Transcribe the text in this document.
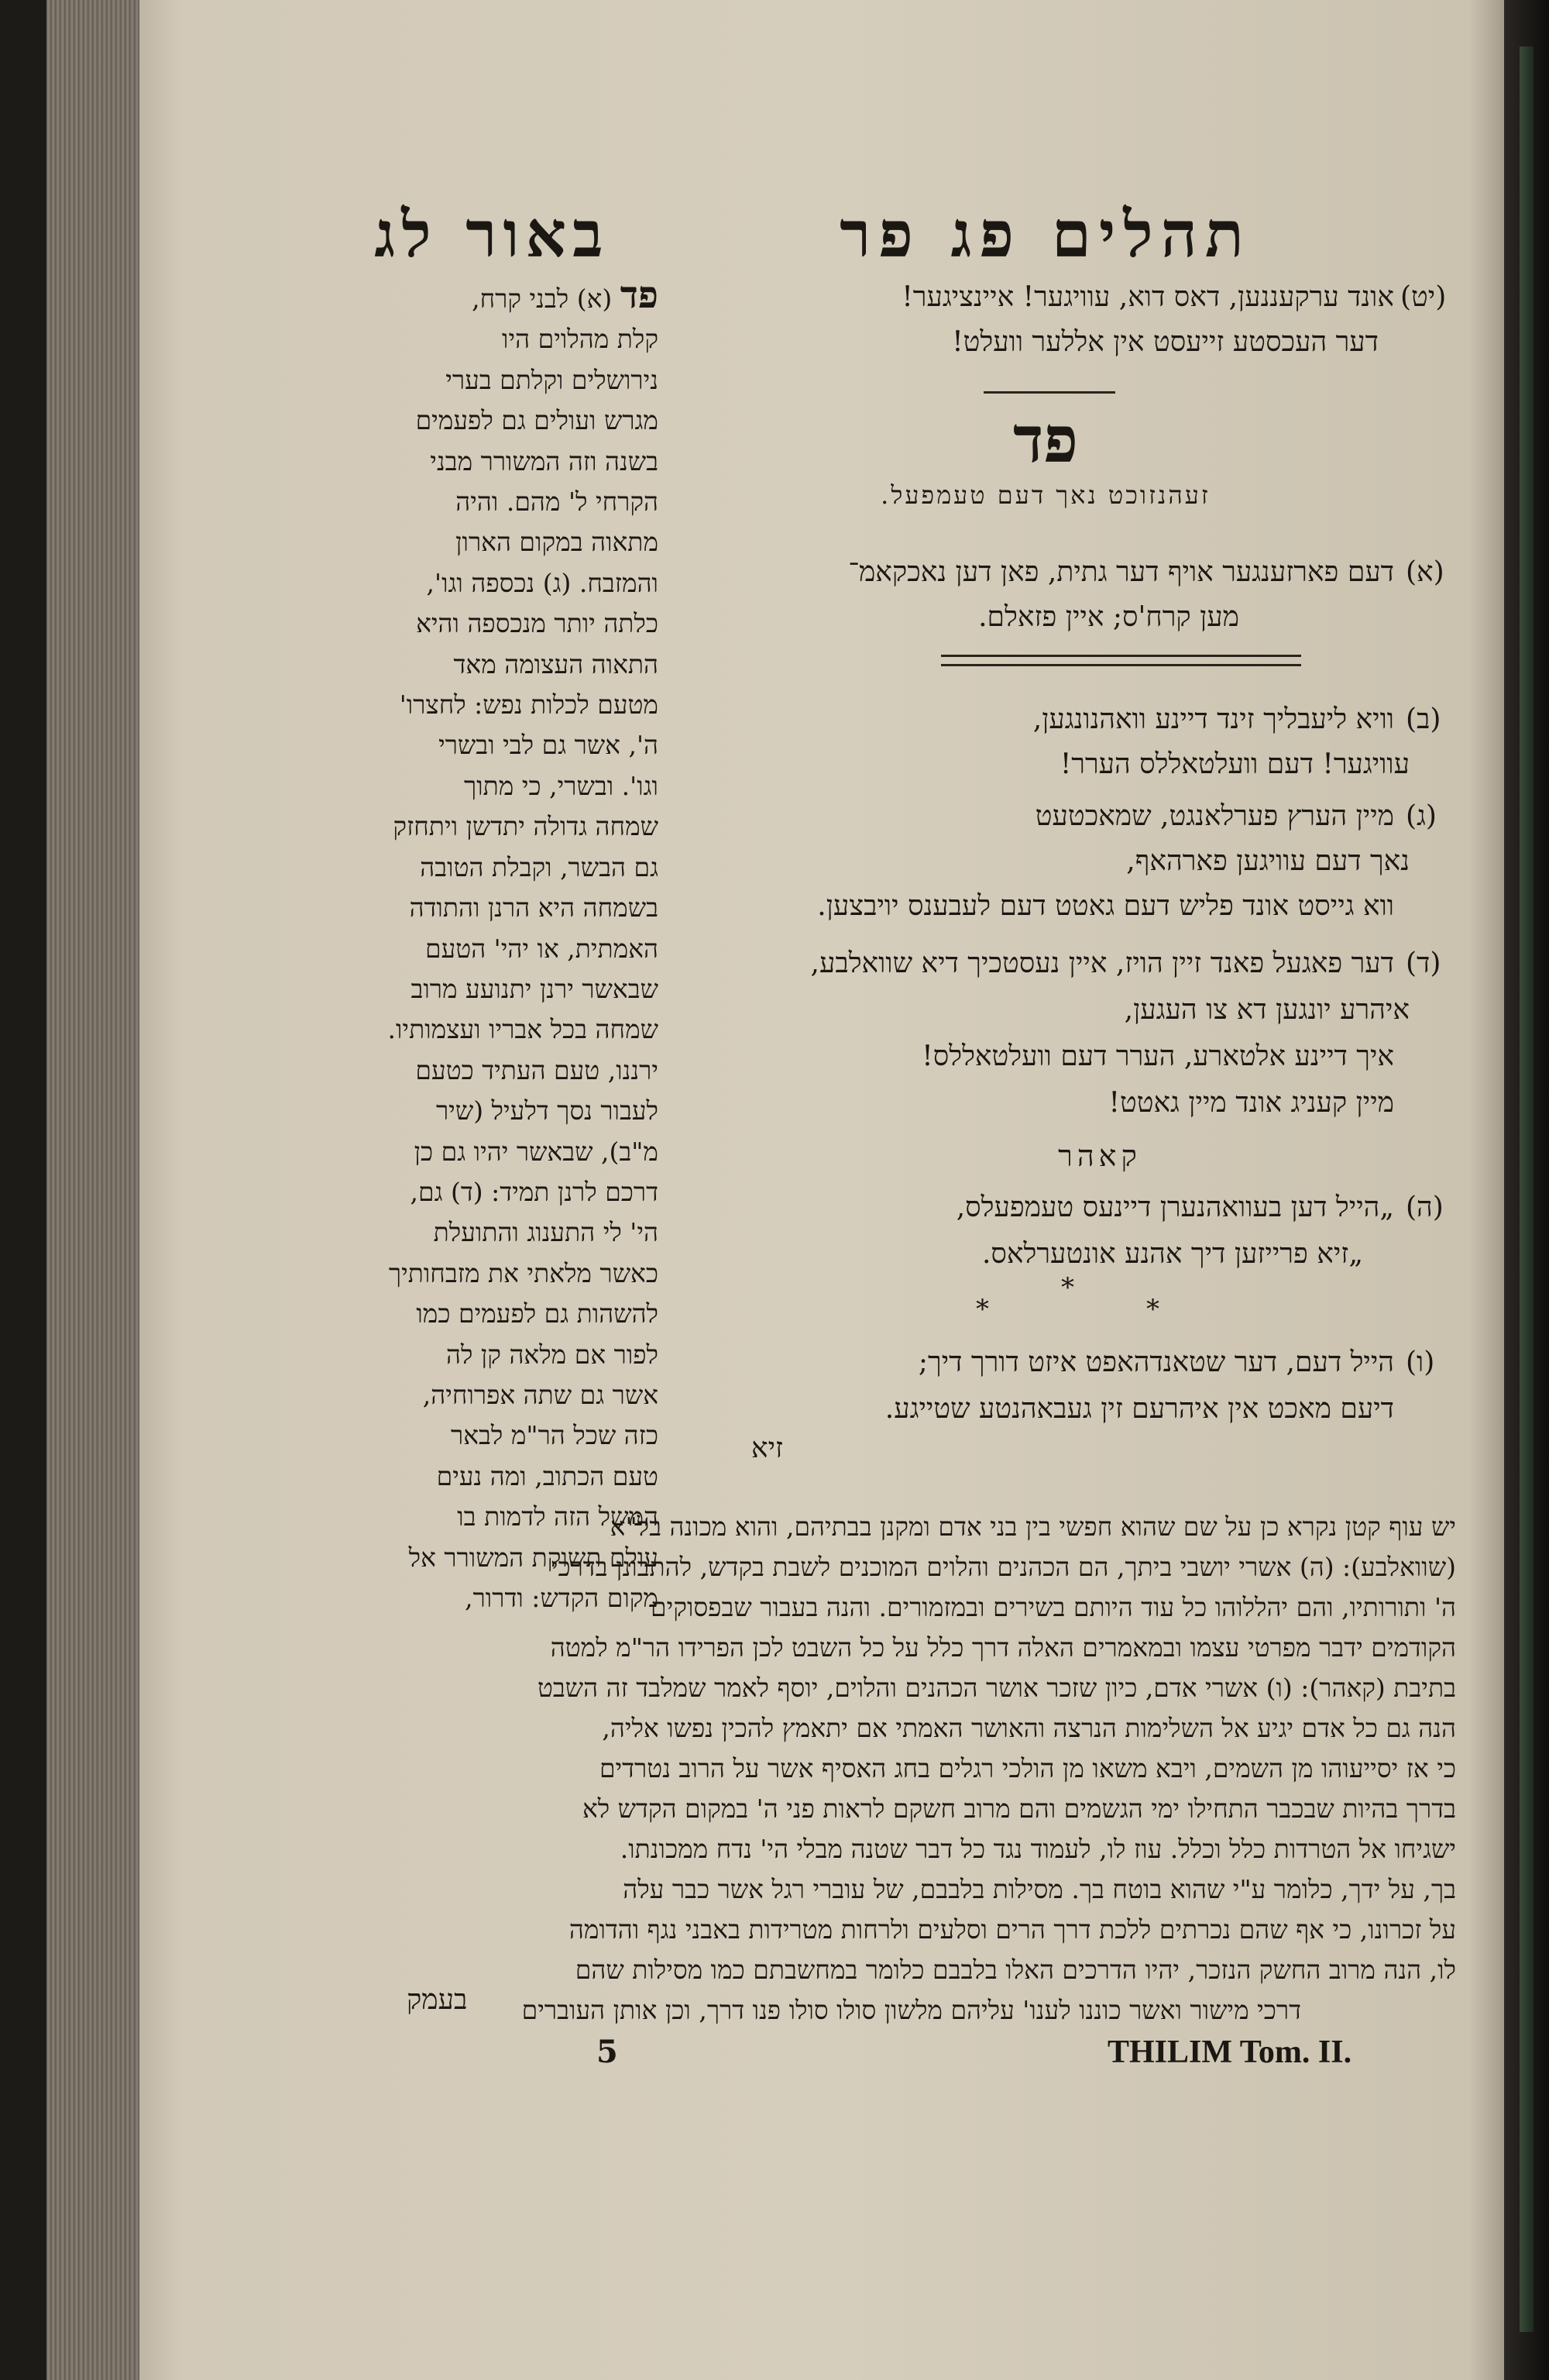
תהלים פג פר
באור לג
(יט)
אונד ערקעננען, דאס דוא, עוויגער! איינציגער!
דער העכסטע זייעסט אין אללער וועלט!
פד
זעהנזוכט נאך דעם טעמפעל.
(א)
דעם פארזענגער אויף דער גתית, פאן דען נאכקאמ־
מען קרח'ס; איין פזאלם.
(ב)
וויא ליעבליך זינד דיינע וואהנונגען,
עוויגער! דעם וועלטאללס הערר!
(ג)
מיין הערץ פערלאנגט, שמאכטעט
נאך דעם עוויגען פארהאף,
ווא גייסט אונד פליש דעם גאטט דעם לעבענס יויבצען.
(ד)
דער פאגעל פאנד זיין הויז, איין נעסטכיך דיא שוואלבע,
איהרע יונגען דא צו העגען,
איך דיינע אלטארע, הערר דעם וועלטאללס!
מיין קעניג אונד מיין גאטט!
קאהר
(ה)
„הייל דען בעוואהנערן דיינעס טעמפעלס,
„זיא פרייזען דיך אהנע אונטערלאס.
*
*
*
(ו)
הייל דעם, דער שטאנדהאפט איזט דורך דיך;
דיעם מאכט אין איהרעם זין געבאהנטע שטייגע.
זיא
פד (א) לבני קרח,
קלת מהלוים היו
נירושלים וקלתם בערי
מגרש ועולים גם לפעמים
בשנה וזה המשורר מבני
הקרחי ל' מהם. והיה
מתאוה במקום הארון
והמזבח. (ג) נכספה וגו',
כלתה יותר מנכספה והיא
התאוה העצומה מאד
מטעם לכלות נפש: לחצרו'
ה', אשר גם לבי ובשרי
וגו'. ובשרי, כי מתוך
שמחה גדולה יתדשן ויתחזק
גם הבשר, וקבלת הטובה
בשמחה היא הרנן והתודה
האמתית, או יהי' הטעם
שבאשר ירנן יתנועע מרוב
שמחה בכל אבריו ועצמותיו.
ירננו, טעם העתיד כטעם
לעבור נסך דלעיל (שיר
מ"ב), שבאשר יהיו גם כן
דרכם לרנן תמיד: (ד) גם,
הי' לי התענוג והתועלת
כאשר מלאתי את מזבחותיך
להשהות גם לפעמים כמו
לפור אם מלאה קן לה
אשר גם שתה אפרוחיה,
כזה שכל הר"מ לבאר
טעם הכתוב, ומה נעים
המשל הזה לדמות בו
עולם תשוקת המשורר אל
מקום הקדש: ודרור,
יש עוף קטן נקרא כן על שם שהוא חפשי בין בני אדם ומקנן בבתיהם, והוא מכונה בל"א
(שוואלבע): (ה) אשרי יושבי ביתך, הם הכהנים והלוים המוכנים לשבת בקדש, להתבונן בדרכי
ה' ותורותיו, והם יהללוהו כל עוד היותם בשירים ובמזמורים. והנה בעבור שבפסוקים
הקודמים ידבר מפרטי עצמו ובמאמרים האלה דרך כלל על כל השבט לכן הפרידו הר"מ למטה
בתיבת (קאהר): (ו) אשרי אדם, כיון שזכר אושר הכהנים והלוים, יוסף לאמר שמלבד זה השבט
הנה גם כל אדם יגיע אל השלימות הנרצה והאושר האמתי אם יתאמץ להכין נפשו אליה,
כי אז יסייעוהו מן השמים, ויבא משאו מן הולכי רגלים בחג האסיף אשר על הרוב נטרדים
בדרך בהיות שבכבר התחילו ימי הגשמים והם מרוב חשקם לראות פני ה' במקום הקדש לא
ישגיחו אל הטרדות כלל וכלל. עוז לו, לעמוד נגד כל דבר שטנה מבלי הי' נדח ממכונתו.
בך, על ידך, כלומר ע"י שהוא בוטח בך. מסילות בלבבם, של עוברי רגל אשר כבר עלה
על זכרונו, כי אף שהם נכרתים ללכת דרך הרים וסלעים ולרחות מטרידות באבני נגף והדומה
לו, הנה מרוב החשק הנזכר, יהיו הדרכים האלו בלבבם כלומר במחשבתם כמו מסילות שהם
דרכי מישור ואשר כוננו לענו' עליהם מלשון סולו סולו פנו דרך, וכן אותן העוברים
בעמק
5	THILIM Tom. II.
